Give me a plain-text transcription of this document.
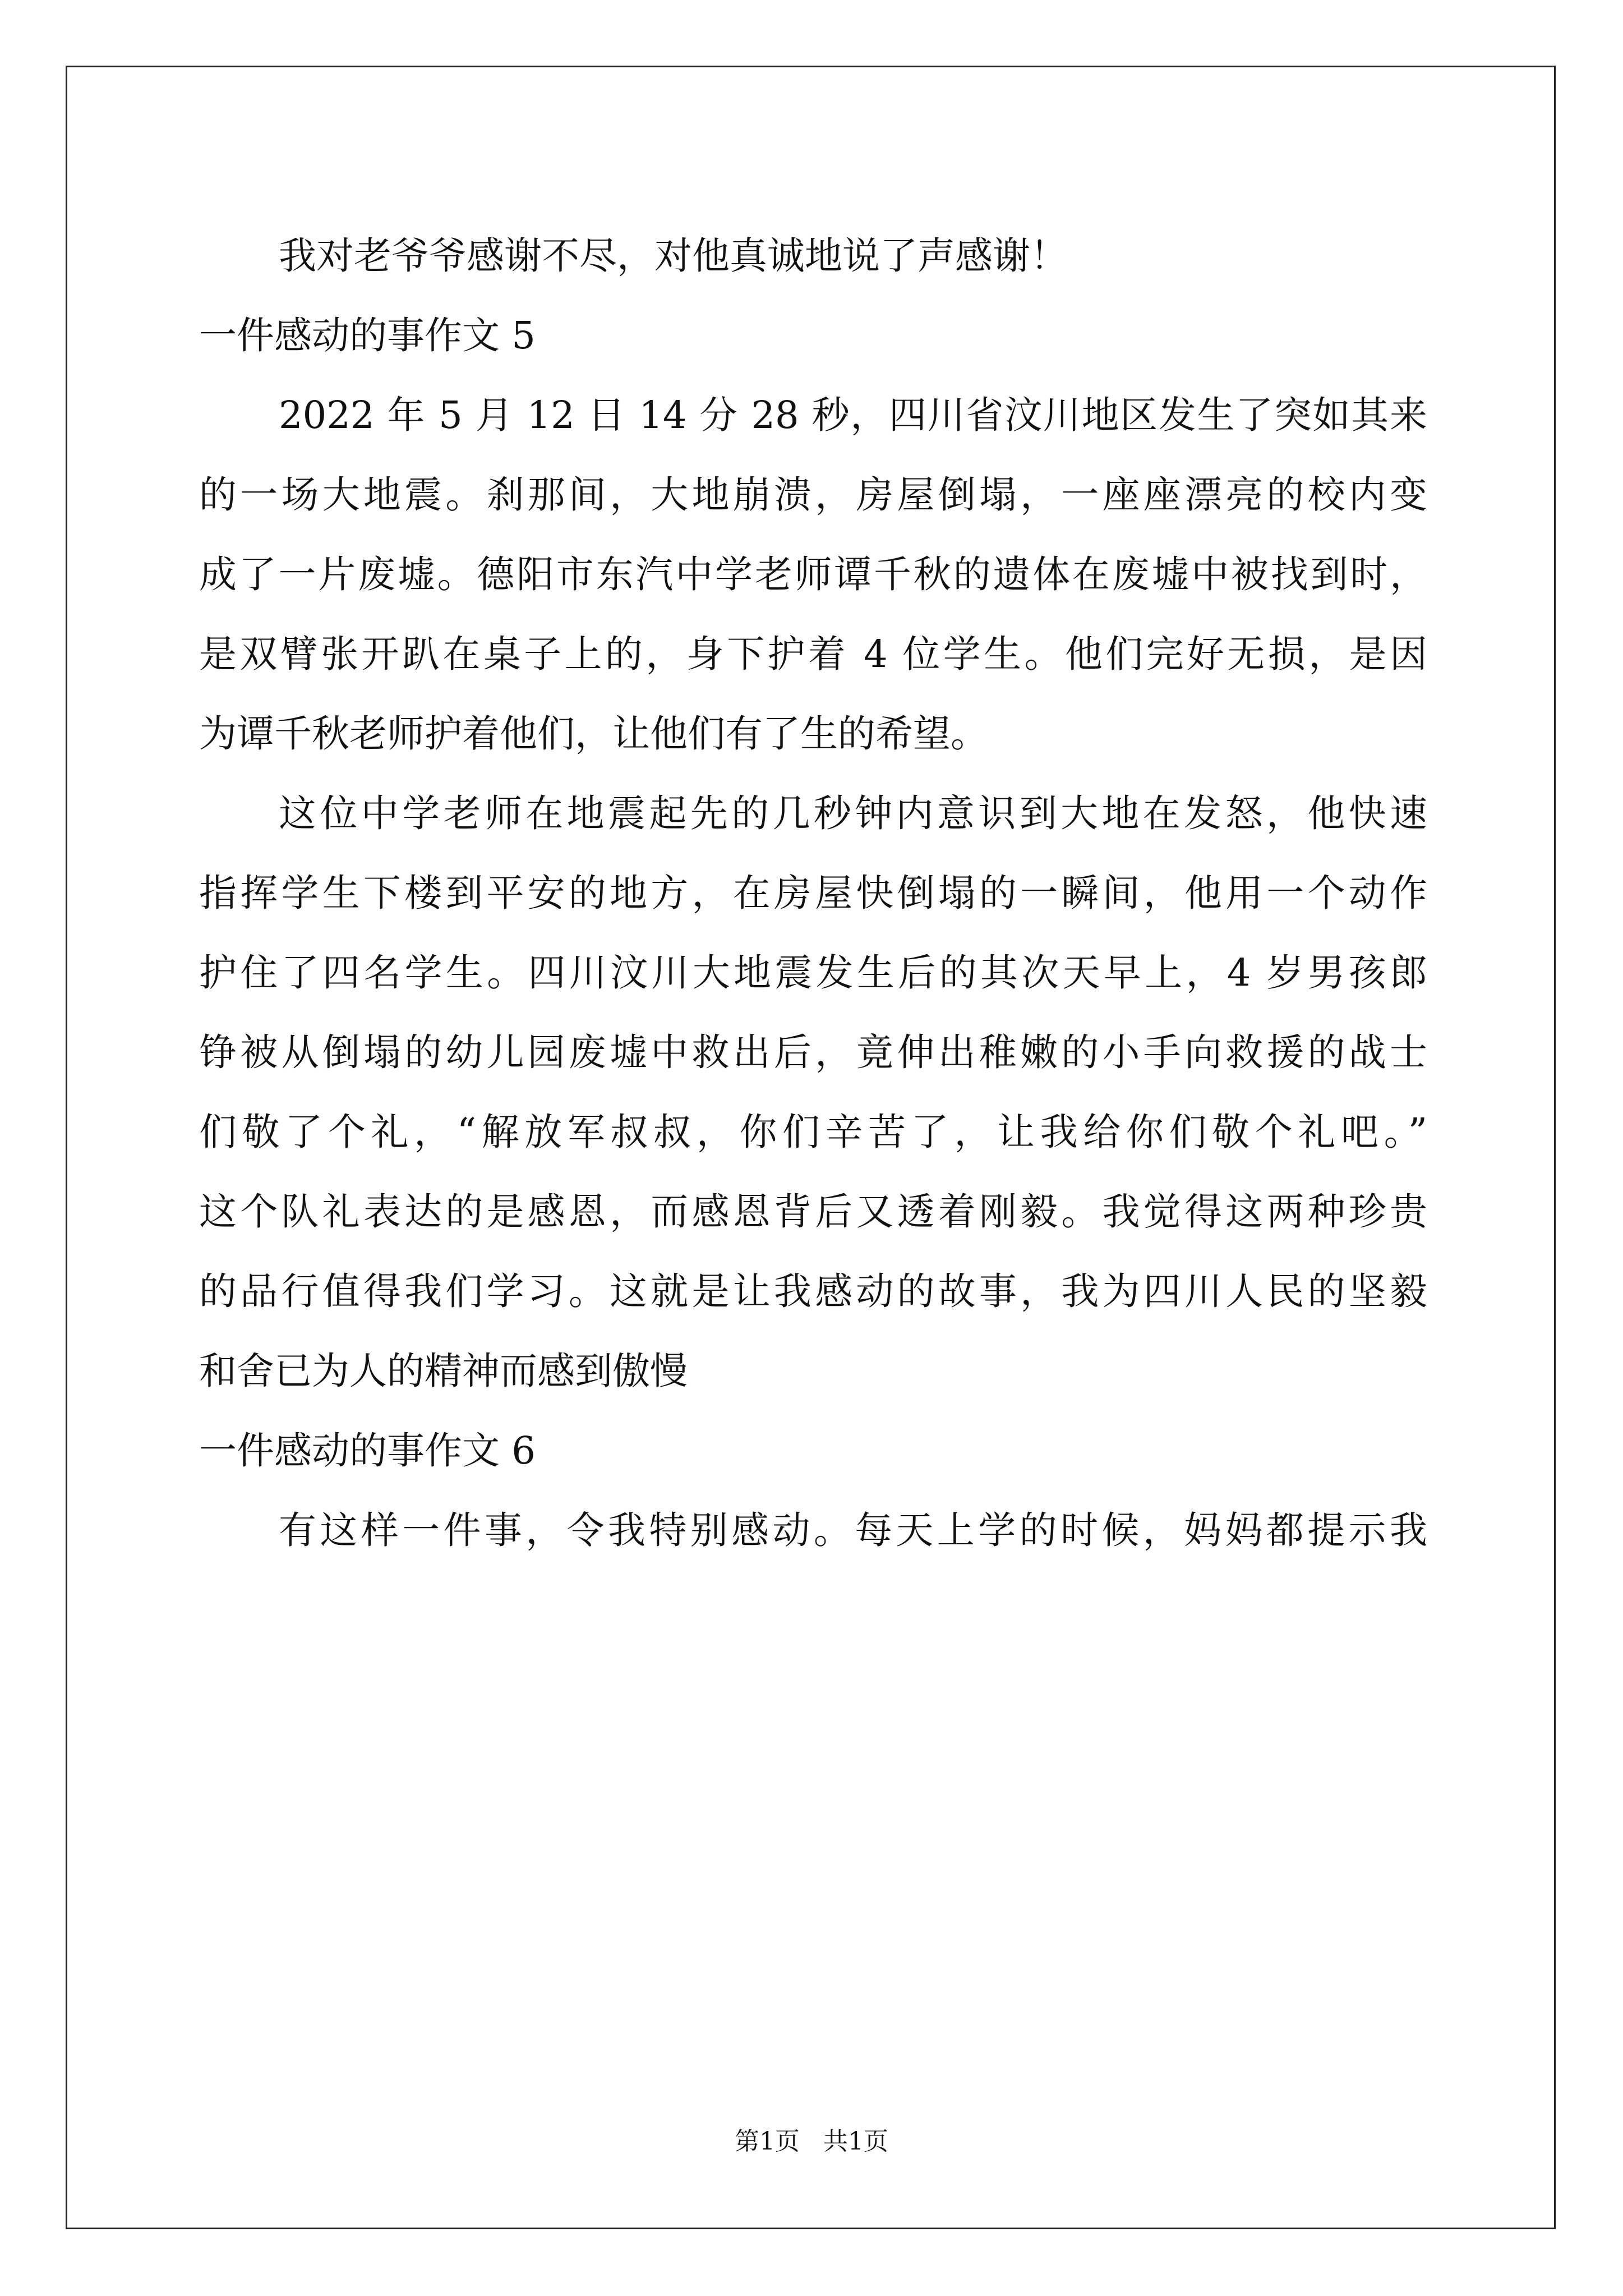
我对老爷爷感谢不尽，对他真诚地说了声感谢！
一件感动的事作文 5
2022 年 5 月 12 日 14 分 28 秒，四川省汶川地区发生了突如其来
的一场大地震。刹那间，大地崩溃，房屋倒塌，一座座漂亮的校内变
成了一片废墟。德阳市东汽中学老师谭千秋的遗体在废墟中被找到时，
是双臂张开趴在桌子上的，身下护着 4 位学生。他们完好无损，是因
为谭千秋老师护着他们，让他们有了生的希望。
这位中学老师在地震起先的几秒钟内意识到大地在发怒，他快速
指挥学生下楼到平安的地方，在房屋快倒塌的一瞬间，他用一个动作
护住了四名学生。四川汶川大地震发生后的其次天早上，4 岁男孩郎
铮被从倒塌的幼儿园废墟中救出后，竟伸出稚嫩的小手向救援的战士
们敬了个礼，“解放军叔叔，你们辛苦了，让我给你们敬个礼吧。”
这个队礼表达的是感恩，而感恩背后又透着刚毅。我觉得这两种珍贵
的品行值得我们学习。这就是让我感动的故事，我为四川人民的坚毅
和舍已为人的精神而感到傲慢
一件感动的事作文 6
有这样一件事，令我特别感动。每天上学的时候，妈妈都提示我
第1页   共1页
